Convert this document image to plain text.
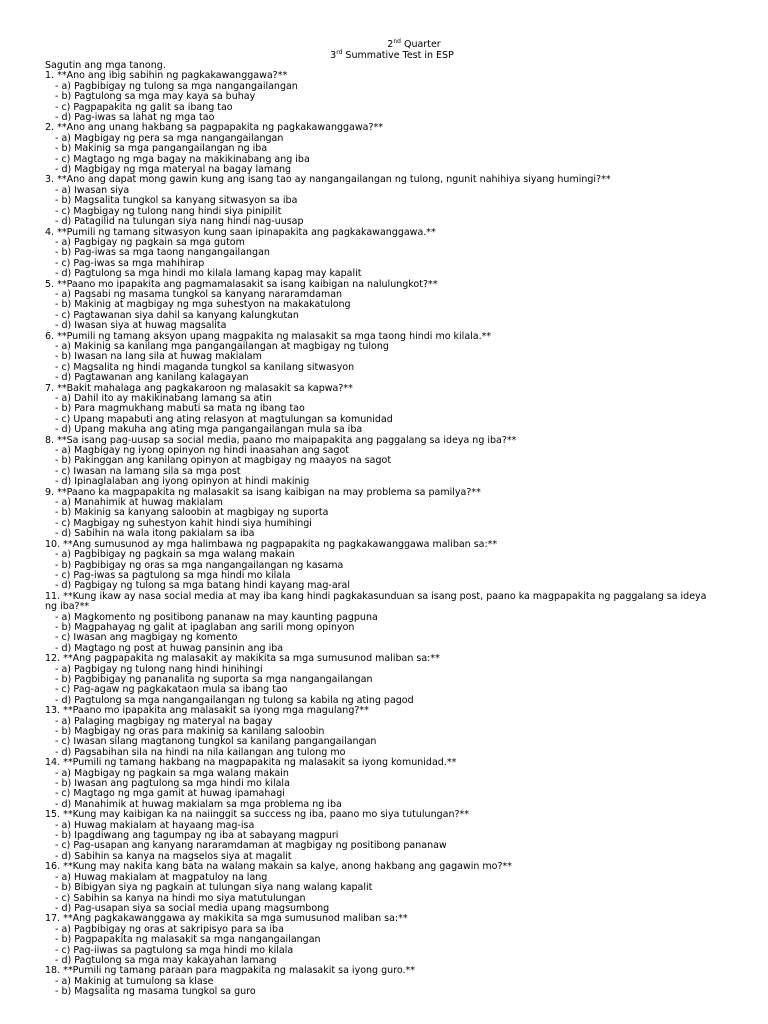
2nd Quarter
3rd Summative Test in ESP
Sagutin ang mga tanong.
1. **Ano ang ibig sabihin ng pagkakawanggawa?**
- a) Pagbibigay ng tulong sa mga nangangailangan
- b) Pagtulong sa mga may kaya sa buhay
- c) Pagpapakita ng galit sa ibang tao
- d) Pag-iwas sa lahat ng mga tao
2. **Ano ang unang hakbang sa pagpapakita ng pagkakawanggawa?**
- a) Magbigay ng pera sa mga nangangailangan
- b) Makinig sa mga pangangailangan ng iba
- c) Magtago ng mga bagay na makikinabang ang iba
- d) Magbigay ng mga materyal na bagay lamang
3. **Ano ang dapat mong gawin kung ang isang tao ay nangangailangan ng tulong, ngunit nahihiya siyang humingi?**
- a) Iwasan siya
- b) Magsalita tungkol sa kanyang sitwasyon sa iba
- c) Magbigay ng tulong nang hindi siya pinipilit
- d) Patagilid na tulungan siya nang hindi nag-uusap
4. **Pumili ng tamang sitwasyon kung saan ipinapakita ang pagkakawanggawa.**
- a) Pagbigay ng pagkain sa mga gutom
- b) Pag-iwas sa mga taong nangangailangan
- c) Pag-iwas sa mga mahihirap
- d) Pagtulong sa mga hindi mo kilala lamang kapag may kapalit
5. **Paano mo ipapakita ang pagmamalasakit sa isang kaibigan na nalulungkot?**
- a) Pagsabi ng masama tungkol sa kanyang nararamdaman
- b) Makinig at magbigay ng mga suhestyon na makakatulong
- c) Pagtawanan siya dahil sa kanyang kalungkutan
- d) Iwasan siya at huwag magsalita
6. **Pumili ng tamang aksyon upang magpakita ng malasakit sa mga taong hindi mo kilala.**
- a) Makinig sa kanilang mga pangangailangan at magbigay ng tulong
- b) Iwasan na lang sila at huwag makialam
- c) Magsalita ng hindi maganda tungkol sa kanilang sitwasyon
- d) Pagtawanan ang kanilang kalagayan
7. **Bakit mahalaga ang pagkakaroon ng malasakit sa kapwa?**
- a) Dahil ito ay makikinabang lamang sa atin
- b) Para magmukhang mabuti sa mata ng ibang tao
- c) Upang mapabuti ang ating relasyon at magtulungan sa komunidad
- d) Upang makuha ang ating mga pangangailangan mula sa iba
8. **Sa isang pag-uusap sa social media, paano mo maipapakita ang paggalang sa ideya ng iba?**
- a) Magbigay ng iyong opinyon ng hindi inaasahan ang sagot
- b) Pakinggan ang kanilang opinyon at magbigay ng maayos na sagot
- c) Iwasan na lamang sila sa mga post
- d) Ipinaglalaban ang iyong opinyon at hindi makinig
9. **Paano ka magpapakita ng malasakit sa isang kaibigan na may problema sa pamilya?**
- a) Manahimik at huwag makialam
- b) Makinig sa kanyang saloobin at magbigay ng suporta
- c) Magbigay ng suhestyon kahit hindi siya humihingi
- d) Sabihin na wala itong pakialam sa iba
10. **Ang sumusunod ay mga halimbawa ng pagpapakita ng pagkakawanggawa maliban sa:**
- a) Pagbibigay ng pagkain sa mga walang makain
- b) Pagbibigay ng oras sa mga nangangailangan ng kasama
- c) Pag-iwas sa pagtulong sa mga hindi mo kilala
- d) Pagbigay ng tulong sa mga batang hindi kayang mag-aral
11. **Kung ikaw ay nasa social media at may iba kang hindi pagkakasunduan sa isang post, paano ka magpapakita ng paggalang sa ideya ng iba?**
- a) Magkomento ng positibong pananaw na may kaunting pagpuna
- b) Magpahayag ng galit at ipaglaban ang sarili mong opinyon
- c) Iwasan ang magbigay ng komento
- d) Magtago ng post at huwag pansinin ang iba
12. **Ang pagpapakita ng malasakit ay makikita sa mga sumusunod maliban sa:**
- a) Pagbigay ng tulong nang hindi hinihingi
- b) Pagbibigay ng pananalita ng suporta sa mga nangangailangan
- c) Pag-agaw ng pagkakataon mula sa ibang tao
- d) Pagtulong sa mga nangangailangan ng tulong sa kabila ng ating pagod
13. **Paano mo ipapakita ang malasakit sa iyong mga magulang?**
- a) Palaging magbigay ng materyal na bagay
- b) Magbigay ng oras para makinig sa kanilang saloobin
- c) Iwasan silang magtanong tungkol sa kanilang pangangailangan
- d) Pagsabihan sila na hindi na nila kailangan ang tulong mo
14. **Pumili ng tamang hakbang na magpapakita ng malasakit sa iyong komunidad.**
- a) Magbigay ng pagkain sa mga walang makain
- b) Iwasan ang pagtulong sa mga hindi mo kilala
- c) Magtago ng mga gamit at huwag ipamahagi
- d) Manahimik at huwag makialam sa mga problema ng iba
15. **Kung may kaibigan ka na naiinggit sa success ng iba, paano mo siya tutulungan?**
- a) Huwag makialam at hayaang mag-isa
- b) Ipagdiwang ang tagumpay ng iba at sabayang magpuri
- c) Pag-usapan ang kanyang nararamdaman at magbigay ng positibong pananaw
- d) Sabihin sa kanya na magselos siya at magalit
16. **Kung may nakita kang bata na walang makain sa kalye, anong hakbang ang gagawin mo?**
- a) Huwag makialam at magpatuloy na lang
- b) Bibigyan siya ng pagkain at tulungan siya nang walang kapalit
- c) Sabihin sa kanya na hindi mo siya matutulungan
- d) Pag-usapan siya sa social media upang magsumbong
17. **Ang pagkakawanggawa ay makikita sa mga sumusunod maliban sa:**
- a) Pagbibigay ng oras at sakripisyo para sa iba
- b) Pagpapakita ng malasakit sa mga nangangailangan
- c) Pag-iiwas sa pagtulong sa mga hindi mo kilala
- d) Pagtulong sa mga may kakayahan lamang
18. **Pumili ng tamang paraan para magpakita ng malasakit sa iyong guro.**
- a) Makinig at tumulong sa klase
- b) Magsalita ng masama tungkol sa guro
